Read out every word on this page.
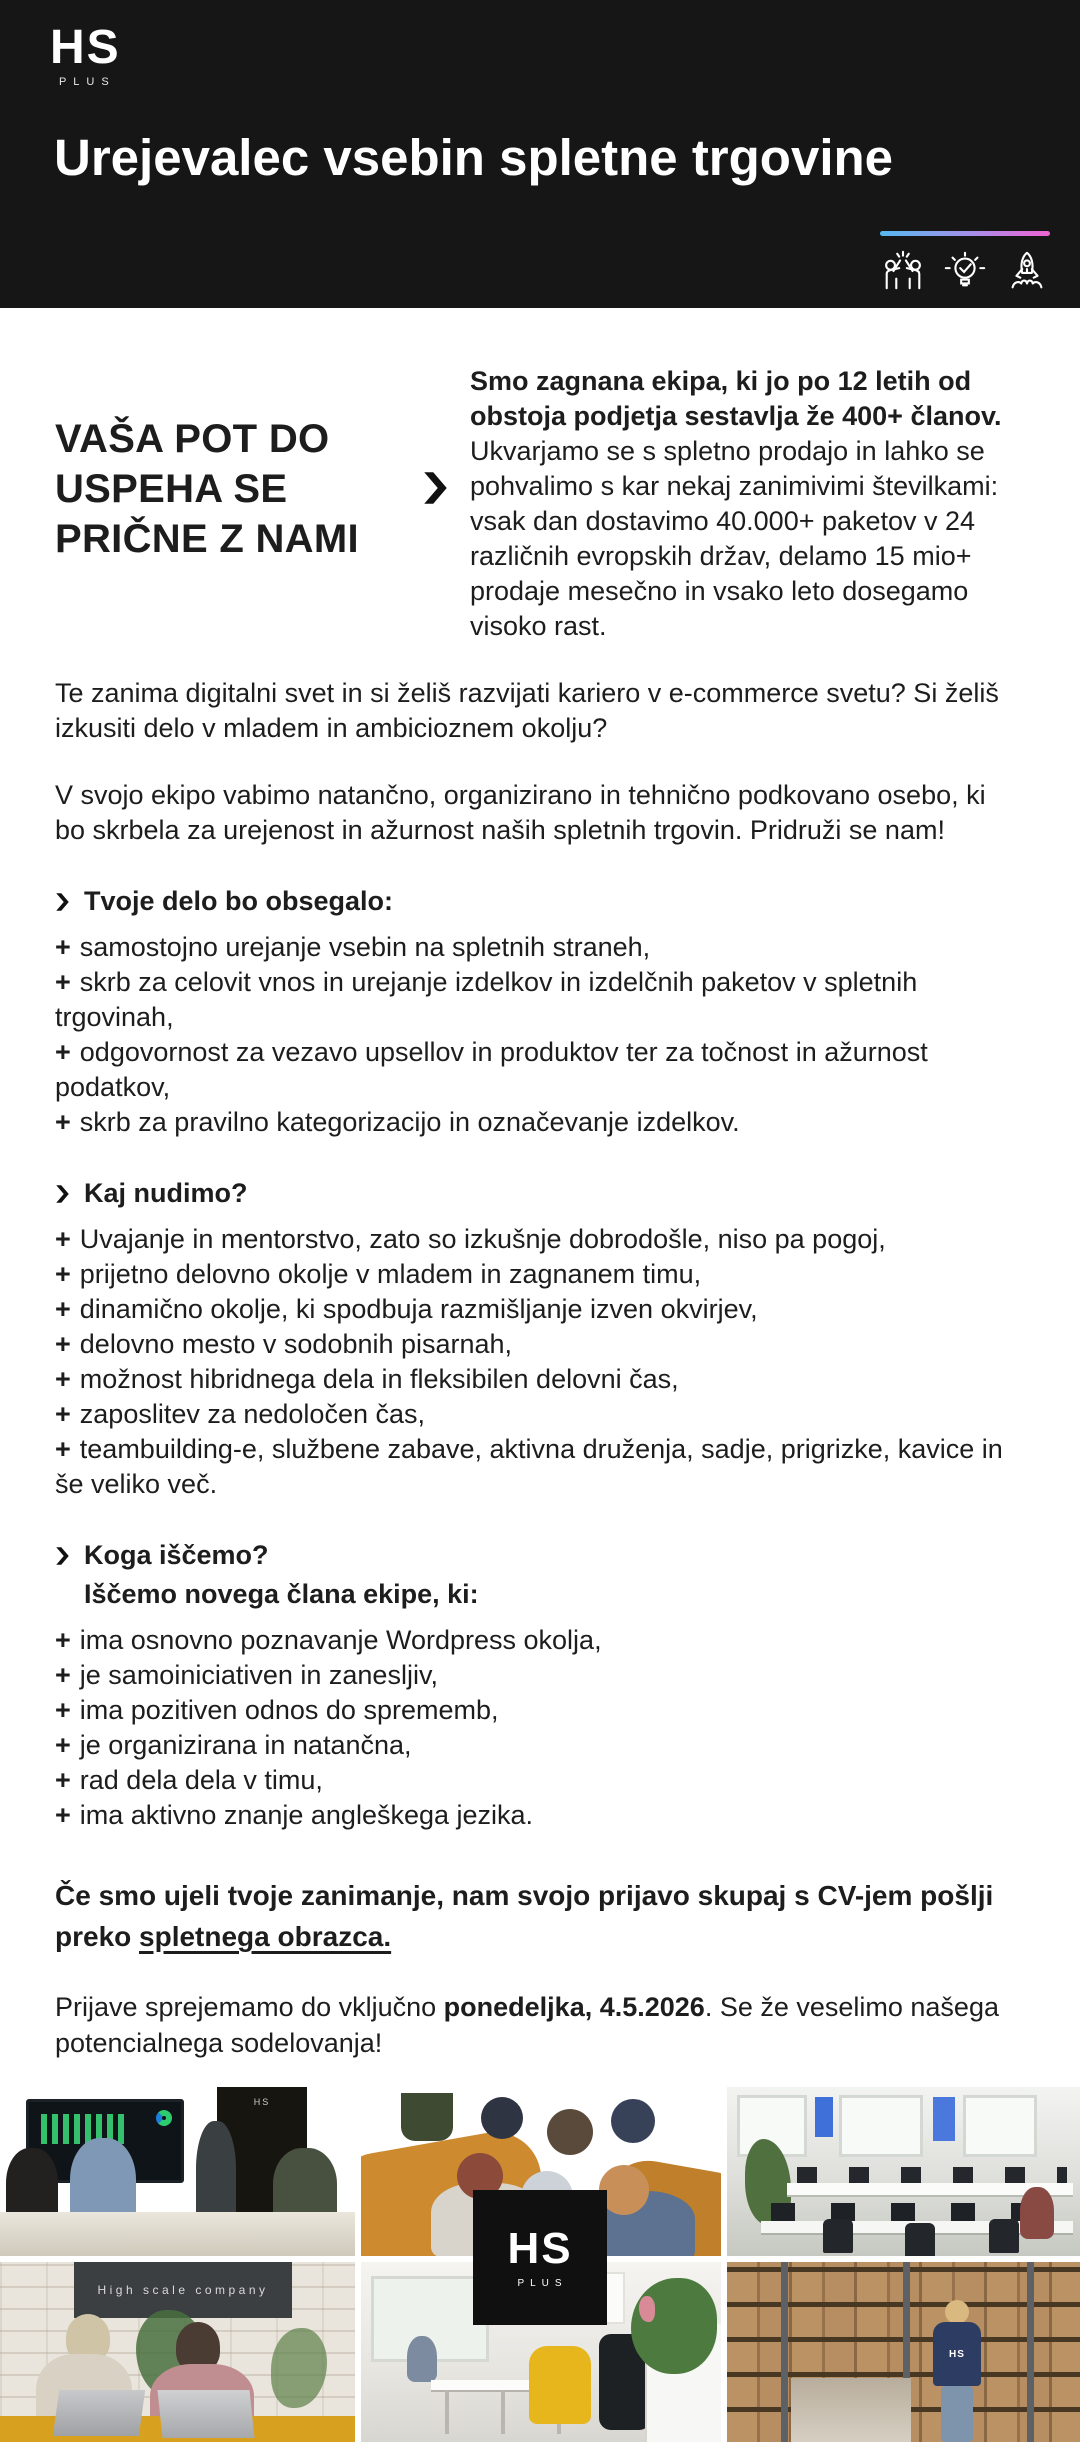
HS
PLUS
Urejevalec vsebin spletne trgovine
VAŠA POT DO
USPEHA SE
PRIČNE Z NAMI
Smo zagnana ekipa, ki jo po 12 letih od obstoja podjetja sestavlja že 400+ članov. Ukvarjamo se s spletno prodajo in lahko se pohvalimo s kar nekaj zanimivimi številkami: vsak dan dostavimo 40.000+ paketov v 24 različnih evropskih držav, delamo 15 mio+ prodaje mesečno in vsako leto dosegamo visoko rast.

Te zanima digitalni svet in si želiš razvijati kariero v e-commerce svetu? Si želiš izkusiti delo v mladem in ambicioznem okolju?

V svojo ekipo vabimo natančno, organizirano in tehnično podkovano osebo, ki bo skrbela za urejenost in ažurnost naših spletnih trgovin. Pridruži se nam!

Tvoje delo bo obsegalo:
+ samostojno urejanje vsebin na spletnih straneh,
+ skrb za celovit vnos in urejanje izdelkov in izdelčnih paketov v spletnih trgovinah,
+ odgovornost za vezavo upsellov in produktov ter za točnost in ažurnost podatkov,
+ skrb za pravilno kategorizacijo in označevanje izdelkov.
Kaj nudimo?
+ Uvajanje in mentorstvo, zato so izkušnje dobrodošle, niso pa pogoj,
+ prijetno delovno okolje v mladem in zagnanem timu,
+ dinamično okolje, ki spodbuja razmišljanje izven okvirjev,
+ delovno mesto v sodobnih pisarnah,
+ možnost hibridnega dela in fleksibilen delovni čas,
+ zaposlitev za nedoločen čas,
+ teambuilding-e, službene zabave, aktivna druženja, sadje, prigrizke, kavice in še veliko več.
Koga iščemo?
Iščemo novega člana ekipe, ki:
+ ima osnovno poznavanje Wordpress okolja,
+ je samoiniciativen in zanesljiv,
+ ima pozitiven odnos do sprememb,
+ je organizirana in natančna,
+ rad dela dela v timu,
+ ima aktivno znanje angleškega jezika.

Če smo ujeli tvoje zanimanje, nam svojo prijavo skupaj s CV-jem pošlji preko spletnega obrazca.

Prijave sprejemamo do vključno ponedeljka, 4.5.2026. Se že veselimo našega potencialnega sodelovanja!

HS
High scale company
HS
HS
PLUS
